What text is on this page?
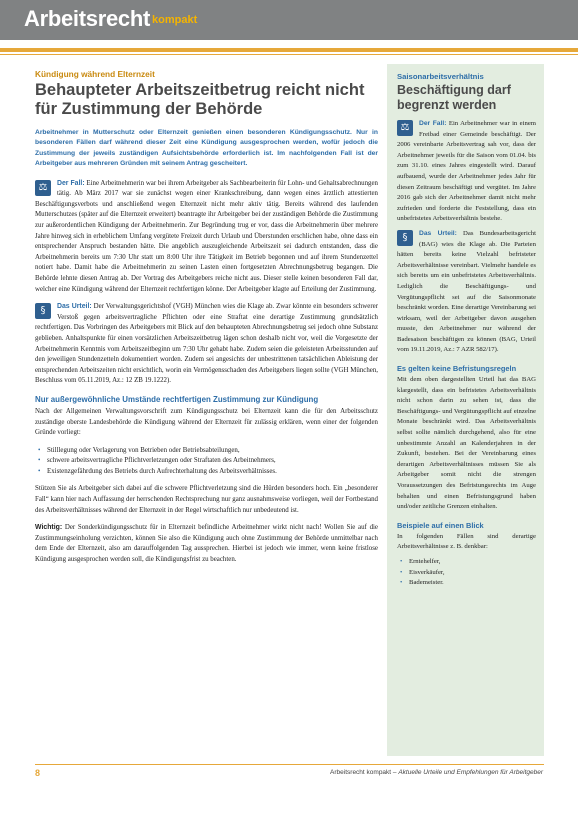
Arbeitsrecht kompakt
Kündigung während Elternzeit
Behaupteter Arbeitszeitbetrug reicht nicht für Zustimmung der Behörde

Arbeitnehmer in Mutterschutz oder Elternzeit genießen einen besonderen Kündigungsschutz. Nur in besonderen Fällen darf während dieser Zeit eine Kündigung ausgesprochen werden, wofür jedoch die Zustimmung der jeweils zuständigen Aufsichtsbehörde erforderlich ist. Im nachfolgenden Fall ist der Arbeitgeber aus mehreren Gründen mit seinem Antrag gescheitert.

⚖	Der Fall: Eine Arbeitnehmerin war bei ihrem Arbeitgeber als Sachbearbeiterin für Lohn- und Gehaltsabrechnungen tätig. Ab März 2017 war sie zunächst wegen einer Krankschreibung, dann wegen eines ärztlich attestierten Beschäftigungsverbots und anschließend wegen Elternzeit nicht mehr aktiv tätig. Bereits während des laufenden Mutterschutzes (später auf die Elternzeit erweitert) beantragte ihr Arbeitgeber bei der zuständigen Behörde die Zustimmung zur außerordentlichen Kündigung der Arbeitnehmerin. Zur Begründung trug er vor, dass die Arbeitnehmerin über mehrere Jahre hinweg sich in erheblichem Umfang vergütete Freizeit durch Urlaub und Überstunden erschlichen habe, ohne dass ein entsprechender Anspruch bestanden hätte. Die angeblich auszugleichende Arbeitszeit sei dadurch entstanden, dass die Arbeitnehmerin bereits um 7:30 Uhr statt um 8:00 Uhr ihre Tätigkeit im Betrieb begonnen und auf ihrem Stundenzettel notiert habe. Damit habe die Arbeitnehmerin zu seinen Lasten einen fortgesetzten Abrechnungsbetrug begangen. Die Behörde lehnte diesen Antrag ab. Der Vortrag des Arbeitgebers reiche nicht aus. Dieser stelle keinen besonderen Fall dar, welcher eine Kündigung während der Elternzeit rechtfertigen könne. Der Arbeitgeber klagte auf Erteilung der Zustimmung.

§	Das Urteil: Der Verwaltungsgerichtshof (VGH) München wies die Klage ab. Zwar könnte ein besonders schwerer Verstoß gegen arbeitsvertragliche Pflichten oder eine Straftat eine derartige Zustimmung grundsätzlich rechtfertigen. Das Vorbringen des Arbeitgebers mit Blick auf den behaupteten Abrechnungsbetrug sei jedoch ohne Substanz geblieben. Anhaltspunkte für einen vorsätzlichen Arbeitszeitbetrug lägen schon deshalb nicht vor, weil die Vorgesetzte der Arbeitnehmerin Kenntnis vom Arbeitszeitbeginn um 7:30 Uhr gehabt habe. Zudem seien die geleisteten Arbeitsstunden auf den jeweiligen Stundenzetteln dokumentiert worden. Zudem sei angesichts der unbestrittenen tatsächlichen Ableistung der entsprechenden Arbeitszeiten nicht ersichtlich, worin ein Vermögensschaden des Arbeitgebers liegen sollte (VGH München, Beschluss vom 05.11.2019, Az.: 12 ZB 19.1222).

Nur außergewöhnliche Umstände rechtfertigen Zustimmung zur Kündigung

Nach der Allgemeinen Verwaltungsvorschrift zum Kündigungsschutz bei Elternzeit kann die für den Arbeitsschutz zuständige oberste Landesbehörde die Kündigung während der Elternzeit für zulässig erklären, wenn einer der folgenden Gründe vorliegt:

• Stilllegung oder Verlagerung von Betrieben oder Betriebsabteilungen,
• schwere arbeitsvertragliche Pflichtverletzungen oder Straftaten des Arbeitnehmers,
• Existenzgefährdung des Betriebs durch Aufrechterhaltung des Arbeitsverhältnisses.

Stützen Sie als Arbeitgeber sich dabei auf die schwere Pflichtverletzung sind die Hürden besonders hoch. Ein „besonderer Fall“ kann hier nach Auffassung der herrschenden Rechtsprechung nur ganz ausnahmsweise vorliegen, weil der Fortbestand des Arbeitsverhältnisses während der Elternzeit in der Regel wirtschaftlich nur unbedeutend ist.

Wichtig: Der Sonderkündigungsschutz für in Elternzeit befindliche Arbeitnehmer wirkt nicht nach! Wollen Sie auf die Zustimmungseinholung verzichten, können Sie also die Kündigung auch ohne Zustimmung der Behörde unmittelbar nach dem Ende der Elternzeit, also am darauffolgenden Tag aussprechen. Hierbei ist jedoch wie immer, wenn keine fristlose Kündigung ausgesprochen werden soll, die Kündigungsfrist zu beachten.

Saisonarbeitsverhältnis
Beschäftigung darf begrenzt werden

⚖	Der Fall: Ein Arbeitnehmer war in einem Freibad einer Gemeinde beschäftigt. Der 2006 vereinbarte Arbeitsvertrag sah vor, dass der Arbeitnehmer jeweils für die Saison vom 01.04. bis zum 31.10. eines Jahres eingestellt wird. Darauf aufbauend, wurde der Arbeitnehmer jedes Jahr für diesen Zeitraum beschäftigt und vergütet. Im Jahre 2016 gab sich der Arbeitnehmer damit nicht mehr zufrieden und forderte die Feststellung, dass ein unbefristetes Arbeitsverhältnis bestehe.

§	Das Urteil: Das Bundesarbeitsgericht (BAG) wies die Klage ab. Die Parteien hätten bereits keine Vielzahl befristeter Arbeitsverhältnisse vereinbart. Vielmehr handele es sich bereits um ein unbefristetes Arbeitsverhältnis. Lediglich die Beschäftigungs- und Vergütungspflicht sei auf die Saisonmonate beschränkt worden. Eine derartige Vereinbarung sei wirksam, weil der Arbeitgeber davon ausgehen musste, den Arbeitnehmer nur während der Badesaison beschäftigen zu können (BAG, Urteil vom 19.11.2019, Az.: 7 AZR 582/17).

Es gelten keine Befristungsregeln

Mit dem oben dargestellten Urteil hat das BAG klargestellt, dass ein befristetes Arbeitsverhältnis nicht schon darin zu sehen ist, dass die Beschäftigungs- und Vergütungspflicht auf einzelne Monate beschränkt wird. Das Arbeitsverhältnis selbst sollte nämlich durchgehend, also für eine unbestimmte Anzahl an Kalenderjahren in der Zukunft, bestehen. Bei der Vereinbarung eines derartigen Arbeitsverhältnisses müssen Sie als Arbeitgeber somit nicht die strengen Voraussetzungen des Befristungsrechts im Auge behalten und einen Befristungsgrund haben und/oder zeitliche Grenzen einhalten.

Beispiele auf einen Blick

In folgenden Fällen sind derartige Arbeitsverhältnisse z. B. denkbar:

• Erntehelfer,
• Eisverkäufer,
• Bademeister.
8	Arbeitsrecht kompakt – Aktuelle Urteile und Empfehlungen für Arbeitgeber
